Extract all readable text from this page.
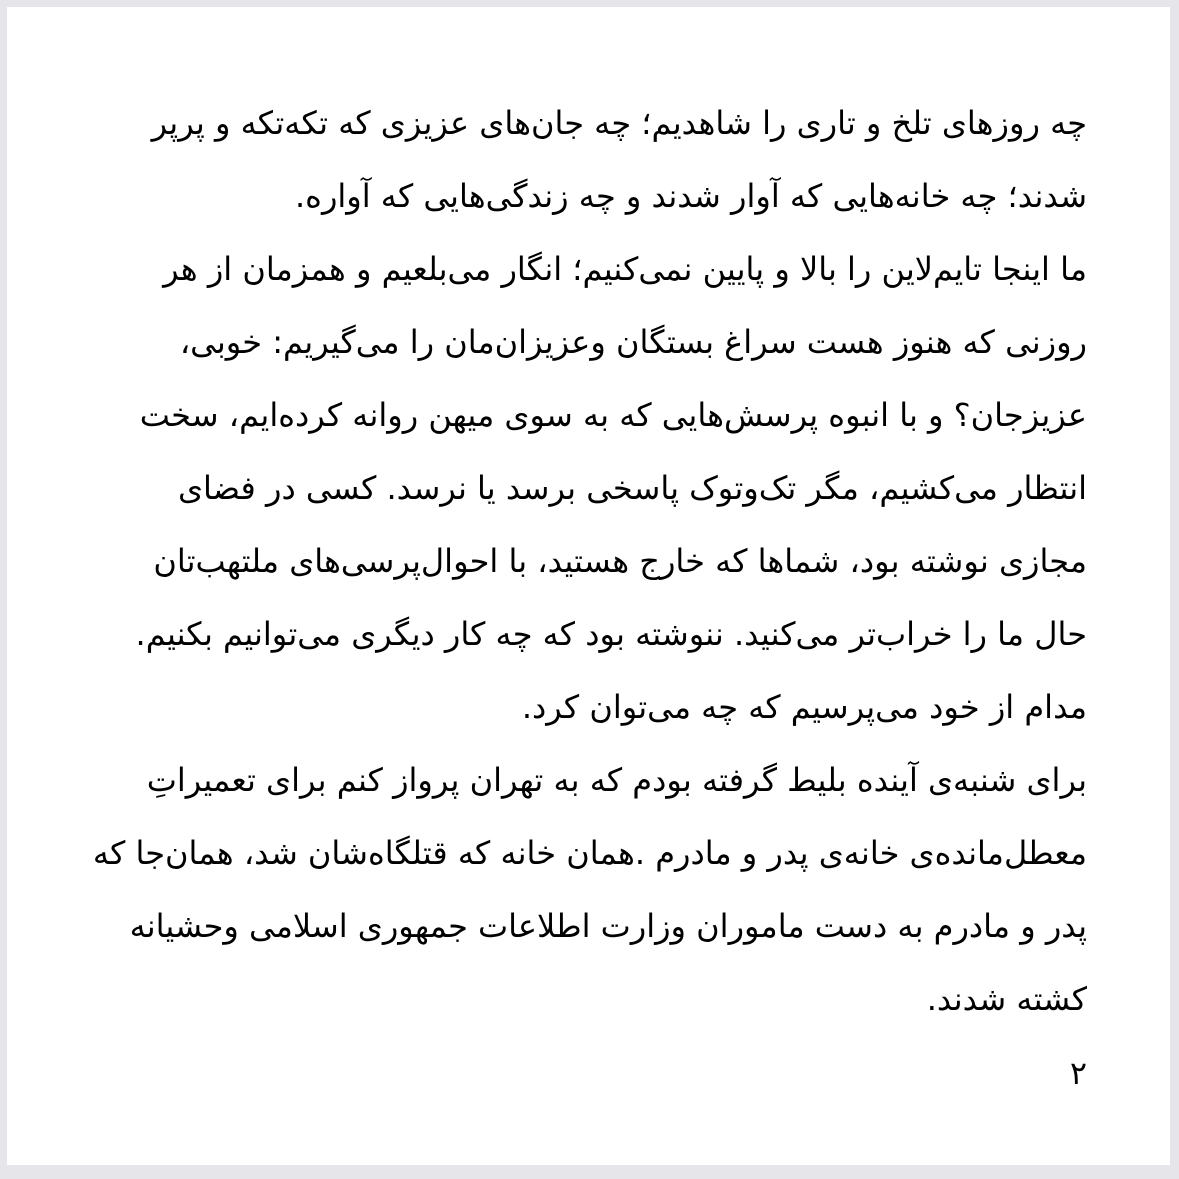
چه روزهای تلخ و تاری را شاهدیم؛ چه جان‌های عزیزی که تکه‌تکه و پرپر
شدند؛ چه خانه‌هایی که آوار شدند و چه زندگی‌هایی که آواره.
ما اینجا تایم‌لاین را بالا و پایین نمی‌کنیم؛ انگار می‌بلعیم و همزمان از هر
روزنی که هنوز هست سراغ بستگان وعزیزان‌مان را می‌گیریم: خوبی،
عزیزجان؟ و با انبوه پرسش‌هایی که به سوی میهن روانه کرده‌ایم، سخت
انتظار می‌کشیم، مگر تک‌وتوک پاسخی برسد یا نرسد. کسی در فضای
مجازی نوشته بود، شماها که خارج هستید، با احوال‌پرسی‌های ملتهب‌تان
حال ما را خراب‌تر می‌کنید. ننوشته بود که چه کار دیگری می‌توانیم بکنیم.
مدام از خود می‌پرسیم که چه می‌توان کرد.
برای شنبه‌ی آینده بلیط گرفته بودم که به تهران پرواز کنم برای تعمیراتِ
معطل‌مانده‌ی خانه‌ی پدر و مادرم .همان خانه که قتلگاه‌شان شد، همان‌جا که
پدر و مادرم به دست ماموران وزارت اطلاعات جمهوری اسلامی وحشیانه
کشته شدند.
۲
